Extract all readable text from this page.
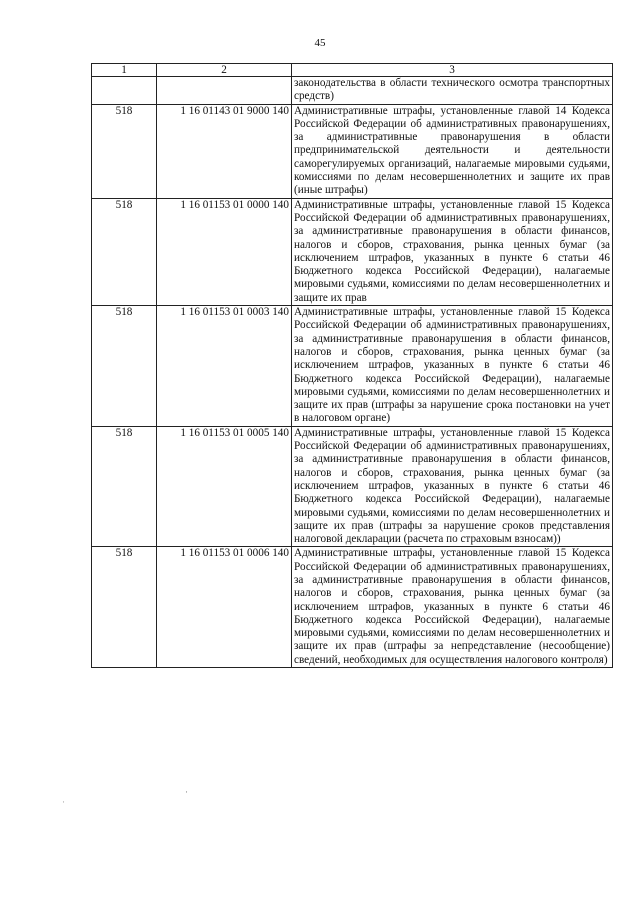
45
1	2	3
		законодательства в области технического осмотра транспортных средств)
518	1 16 01143 01 9000 140	Административные штрафы, установленные главой 14 Кодекса Российской Федерации об административных правонарушениях, за административные правонарушения в области предпринимательской деятельности и деятельности саморегулируемых организаций, налагаемые мировыми судьями, комиссиями по делам несовершеннолетних и защите их прав (иные штрафы)
518	1 16 01153 01 0000 140	Административные штрафы, установленные главой 15 Кодекса Российской Федерации об административных правонарушениях, за административные правонарушения в области финансов, налогов и сборов, страхования, рынка ценных бумаг (за исключением штрафов, указанных в пункте 6 статьи 46 Бюджетного кодекса Российской Федерации), налагаемые мировыми судьями, комиссиями по делам несовершеннолетних и защите их прав
518	1 16 01153 01 0003 140	Административные штрафы, установленные главой 15 Кодекса Российской Федерации об административных правонарушениях, за административные правонарушения в области финансов, налогов и сборов, страхования, рынка ценных бумаг (за исключением штрафов, указанных в пункте 6 статьи 46 Бюджетного кодекса Российской Федерации), налагаемые мировыми судьями, комиссиями по делам несовершеннолетних и защите их прав (штрафы за нарушение срока постановки на учет в налоговом органе)
518	1 16 01153 01 0005 140	Административные штрафы, установленные главой 15 Кодекса Российской Федерации об административных правонарушениях, за административные правонарушения в области финансов, налогов и сборов, страхования, рынка ценных бумаг (за исключением штрафов, указанных в пункте 6 статьи 46 Бюджетного кодекса Российской Федерации), налагаемые мировыми судьями, комиссиями по делам несовершеннолетних и защите их прав (штрафы за нарушение сроков представления налоговой декларации (расчета по страховым взносам))
518	1 16 01153 01 0006 140	Административные штрафы, установленные главой 15 Кодекса Российской Федерации об административных правонарушениях, за административные правонарушения в области финансов, налогов и сборов, страхования, рынка ценных бумаг (за исключением штрафов, указанных в пункте 6 статьи 46 Бюджетного кодекса Российской Федерации), налагаемые мировыми судьями, комиссиями по делам несовершеннолетних и защите их прав (штрафы за непредставление (несообщение) сведений, необходимых для осуществления налогового контроля)
·
·
